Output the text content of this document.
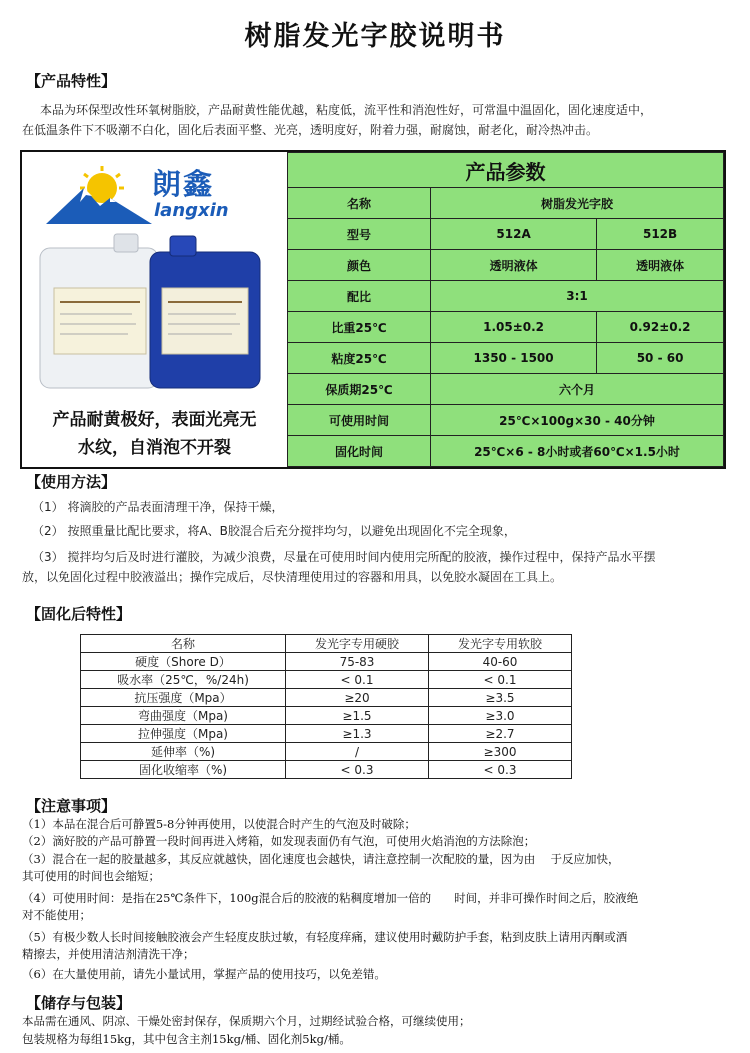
树脂发光字胶说明书
【产品特性】
本品为环保型改性环氧树脂胶，产品耐黄性能优越，粘度低，流平性和消泡性好，可常温中温固化，固化速度适中，
在低温条件下不吸潮不白化，固化后表面平整、光亮，透明度好，附着力强，耐腐蚀，耐老化，耐冷热冲击。
朗鑫
langxin
产品耐黄极好，表面光亮无
水纹，自消泡不开裂
产品参数		
名称	树脂发光字胶	
型号	512A	512B
颜色	透明液体	透明液体
配比	3:1	
比重25℃	1.05±0.2	0.92±0.2
粘度25℃	1350 - 1500	50 - 60
保质期25℃	六个月	
可使用时间	25℃×100g×30 - 40分钟	
固化时间	25℃×6 - 8小时或者60℃×1.5小时	
【使用方法】
（1） 将滴胶的产品表面清理干净，保持干燥，
（2） 按照重量比配比要求，将A、B胶混合后充分搅拌均匀，以避免出现固化不完全现象，
（3） 搅拌均匀后及时进行灌胶，为减少浪费，尽量在可使用时间内使用完所配的胶液，操作过程中，保持产品水平摆
放，以免固化过程中胶液溢出；操作完成后，尽快清理使用过的容器和用具，以免胶水凝固在工具上。
【固化后特性】
名称	发光字专用硬胶	发光字专用软胶
硬度（Shore D）	75-83	40-60
吸水率（25℃，%/24h)	< 0.1	< 0.1
抗压强度（Mpa）	≥20	≥3.5
弯曲强度（Mpa)	≥1.5	≥3.0
拉伸强度（Mpa)	≥1.3	≥2.7
延伸率（%)	/	≥300
固化收缩率（%)	< 0.3	< 0.3
【注意事项】
（1）本品在混合后可静置5-8分钟再使用，以使混合时产生的气泡及时破除；
（2）滴好胶的产品可静置一段时间再进入烤箱，如发现表面仍有气泡，可使用火焰消泡的方法除泡；
（3）混合在一起的胶量越多，其反应就越快，固化速度也会越快，请注意控制一次配胶的量，因为由　 于反应加快，
其可使用的时间也会缩短；
（4）可使用时间：是指在25℃条件下，100g混合后的胶液的粘稠度增加一倍的　　时间，并非可操作时间之后，胶液绝
对不能使用；
（5）有极少数人长时间接触胶液会产生轻度皮肤过敏，有轻度痒痛，建议使用时戴防护手套，粘到皮肤上请用丙酮或酒
精擦去，并使用清洁剂清洗干净；
（6）在大量使用前，请先小量试用，掌握产品的使用技巧，以免差错。
【储存与包装】
本品需在通风、阴凉、干燥处密封保存，保质期六个月，过期经试验合格，可继续使用；
包装规格为每组15kg，其中包含主剂15kg/桶、固化剂5kg/桶。
